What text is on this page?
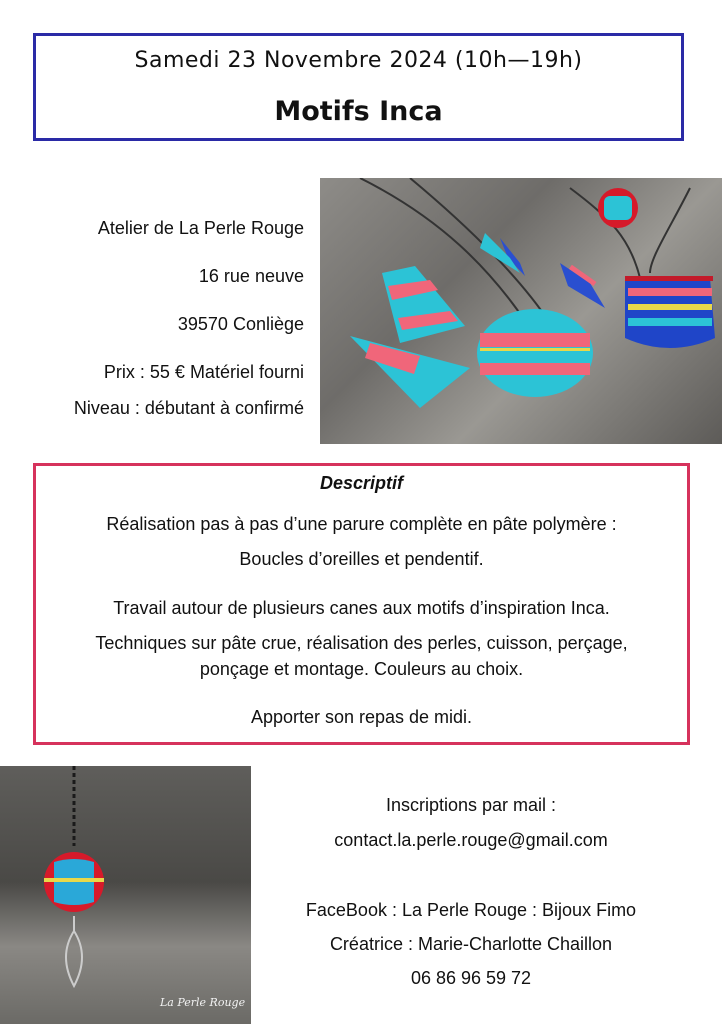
Samedi 23 Novembre 2024 (10h—19h)
Motifs Inca
Atelier de La Perle Rouge
16 rue neuve
39570 Conliège
Prix : 55 € Matériel fourni
Niveau : débutant à confirmé
Descriptif
Réalisation pas à pas d’une parure complète en pâte polymère :
Boucles d’oreilles et pendentif.
Travail autour de plusieurs canes aux motifs d’inspiration Inca.
Techniques sur pâte crue, réalisation des perles, cuisson, perçage,
ponçage et montage. Couleurs au choix.
Apporter son repas de midi.
La Perle Rouge
Inscriptions par mail :
contact.la.perle.rouge@gmail.com
FaceBook : La Perle Rouge : Bijoux Fimo
Créatrice : Marie-Charlotte Chaillon
06 86 96 59 72
